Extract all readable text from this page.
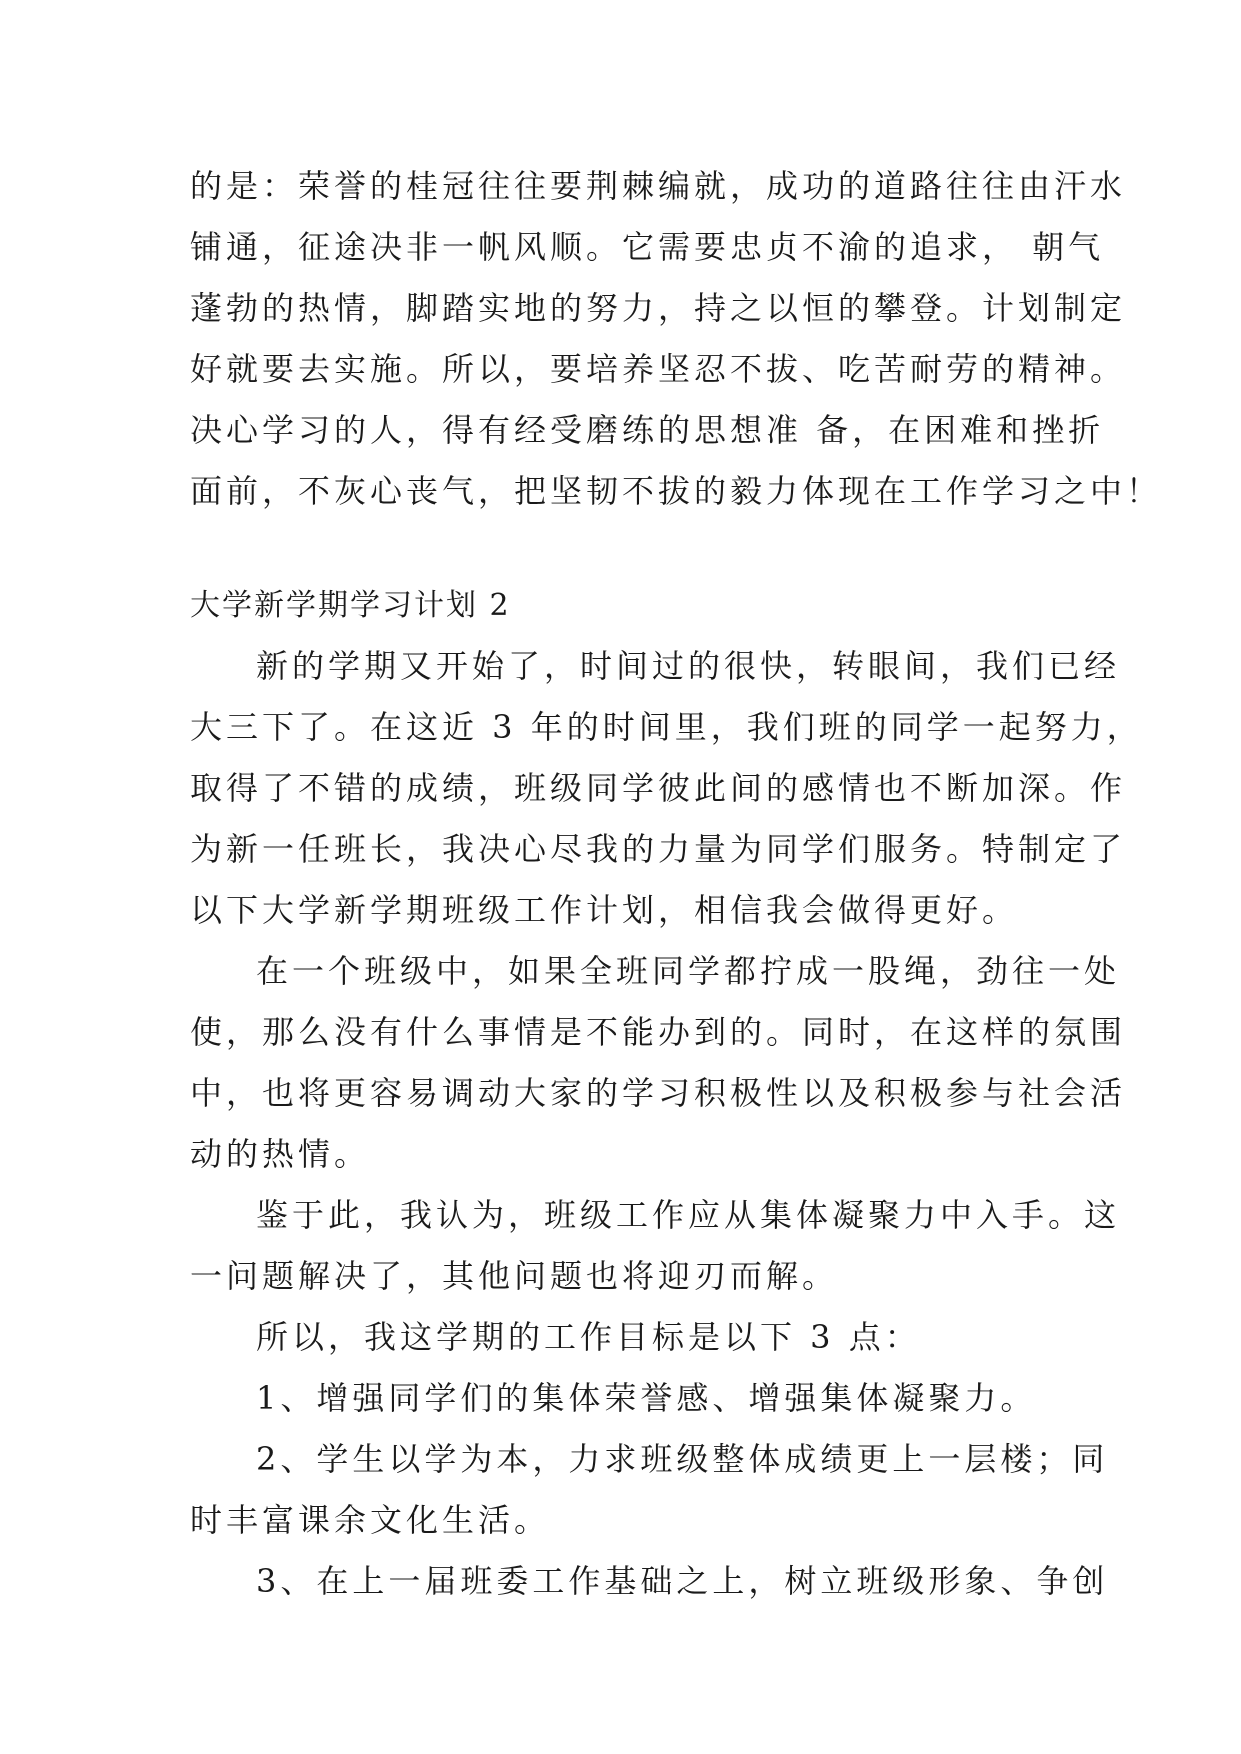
的是：荣誉的桂冠往往要荆棘编就，成功的道路往往由汗水
铺通，征途决非一帆风顺。它需要忠贞不渝的追求， 朝气
蓬勃的热情，脚踏实地的努力，持之以恒的攀登。计划制定
好就要去实施。所以，要培养坚忍不拔、吃苦耐劳的精神。
决心学习的人，得有经受磨练的思想准 备，在困难和挫折
面前，不灰心丧气，把坚韧不拔的毅力体现在工作学习之中！
大学新学期学习计划 2
新的学期又开始了，时间过的很快，转眼间，我们已经
大三下了。在这近 3 年的时间里，我们班的同学一起努力，
取得了不错的成绩，班级同学彼此间的感情也不断加深。作
为新一任班长，我决心尽我的力量为同学们服务。特制定了
以下大学新学期班级工作计划，相信我会做得更好。
在一个班级中，如果全班同学都拧成一股绳，劲往一处
使，那么没有什么事情是不能办到的。同时，在这样的氛围
中，也将更容易调动大家的学习积极性以及积极参与社会活
动的热情。
鉴于此，我认为，班级工作应从集体凝聚力中入手。这
一问题解决了，其他问题也将迎刃而解。
所以，我这学期的工作目标是以下 3 点：
1、增强同学们的集体荣誉感、增强集体凝聚力。
2、学生以学为本，力求班级整体成绩更上一层楼；同
时丰富课余文化生活。
3、在上一届班委工作基础之上，树立班级形象、争创
